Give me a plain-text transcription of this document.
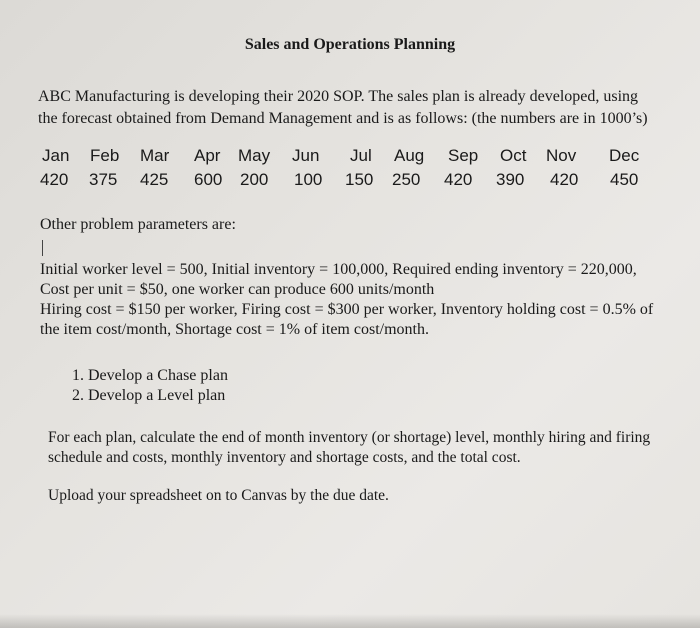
Sales and Operations Planning
ABC Manufacturing is developing their 2020 SOP. The sales plan is already developed, using
the forecast obtained from Demand Management and is as follows: (the numbers are in 1000’s)
Jan Feb Mar Apr May Jun Jul Aug Sep Oct Nov Dec
420 375 425 600 200 100 150 250 420 390 420 450
Other problem parameters are:
Initial worker level = 500, Initial inventory = 100,000, Required ending inventory = 220,000,
Cost per unit = $50, one worker can produce 600 units/month
Hiring cost = $150 per worker, Firing cost = $300 per worker, Inventory holding cost = 0.5% of
the item cost/month, Shortage cost = 1% of item cost/month.
1. Develop a Chase plan
2. Develop a Level plan
For each plan, calculate the end of month inventory (or shortage) level, monthly hiring and firing
schedule and costs, monthly inventory and shortage costs, and the total cost.
Upload your spreadsheet on to Canvas by the due date.
